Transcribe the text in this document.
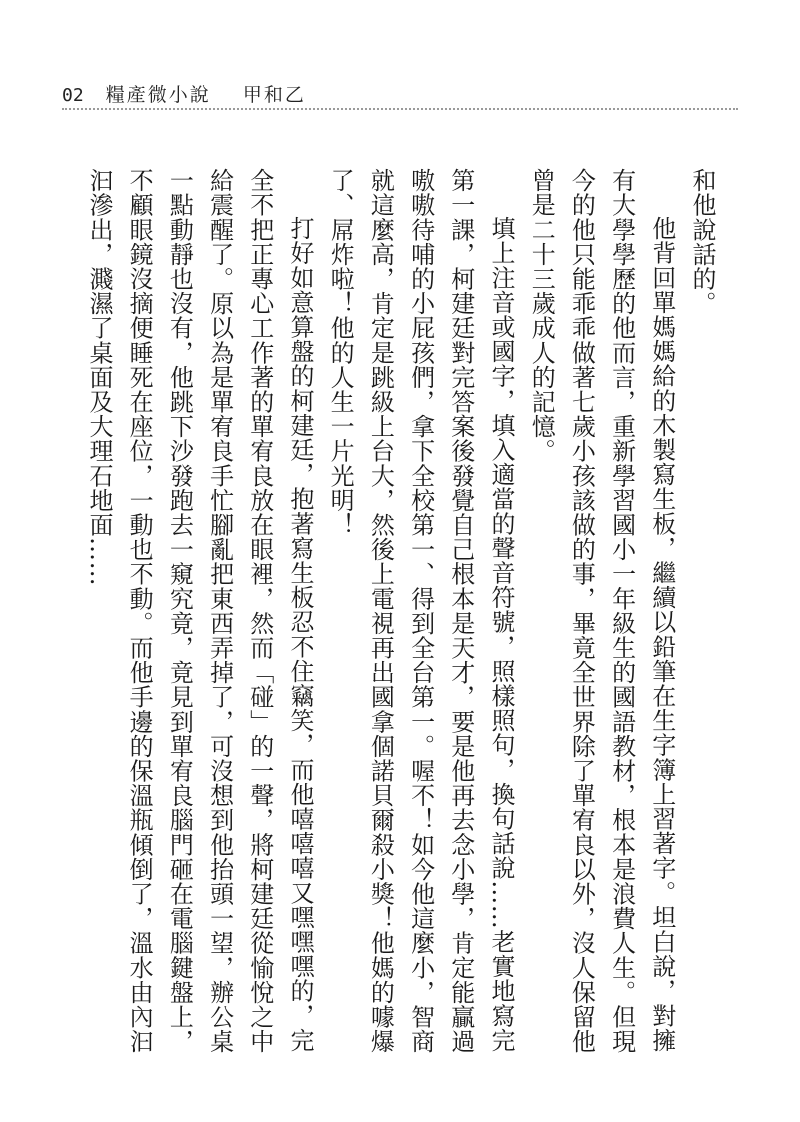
02 糧產微小說 甲和乙

和他說話的。

他背回單媽媽給的木製寫生板，繼續以鉛筆在生字簿上習著字。坦白說，對擁有大學學歷的他而言，重新學習國小一年級生的國語教材，根本是浪費人生。但現今的他只能乖乖做著七歲小孩該做的事，畢竟全世界除了單宥良以外，沒人保留他曾是二十三歲成人的記憶。

填上注音或國字，填入適當的聲音符號，照樣照句，換句話說……老實地寫完第一課，柯建廷對完答案後發覺自己根本是天才，要是他再去念小學，肯定能贏過嗷嗷待哺的小屁孩們，拿下全校第一、得到全台第一。喔不！如今他這麼小，智商就這麼高，肯定是跳級上台大，然後上電視再出國拿個諾貝爾殺小獎！他媽的噱爆了、屌炸啦！他的人生一片光明！

打好如意算盤的柯建廷，抱著寫生板忍不住竊笑，而他嘻嘻嘻又嘿嘿嘿的，完全不把正專心工作著的單宥良放在眼裡，然而「碰」的一聲，將柯建廷從愉悅之中給震醒了。原以為是單宥良手忙腳亂把東西弄掉了，可沒想到他抬頭一望，辦公桌一點動靜也沒有，他跳下沙發跑去一窺究竟，竟見到單宥良腦門砸在電腦鍵盤上，不顧眼鏡沒摘便睡死在座位，一動也不動。而他手邊的保溫瓶傾倒了，溫水由內汩汩滲出，濺濕了桌面及大理石地面……
